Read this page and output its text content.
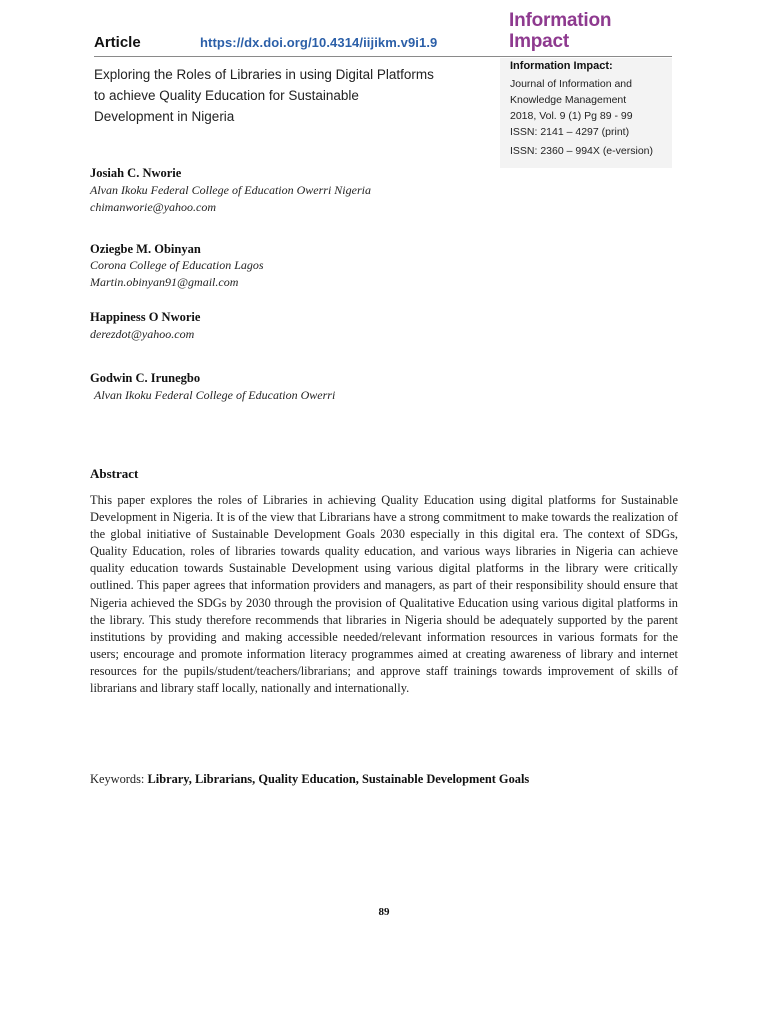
Article	https://dx.doi.org/10.4314/iijikm.v9i1.9
Information
Impact
Information Impact:
Journal of Information and
Knowledge Management
2018, Vol. 9 (1) Pg 89 - 99
ISSN: 2141 – 4297 (print)
ISSN: 2360 – 994X (e-version)
Exploring the Roles of Libraries in using Digital Platforms
to achieve Quality Education for Sustainable
Development in Nigeria
Josiah C. Nworie
Alvan Ikoku Federal College of Education Owerri Nigeria
chimanworie@yahoo.com
Oziegbe M. Obinyan
Corona College of Education Lagos
Martin.obinyan91@gmail.com
Happiness O Nworie
derezdot@yahoo.com
Godwin C. Irunegbo
Alvan Ikoku Federal College of Education Owerri
Abstract
This paper explores the roles of Libraries in achieving Quality Education using digital platforms for Sustainable Development in Nigeria. It is of the view that Librarians have a strong commitment to make towards the realization of the global initiative of Sustainable Development Goals 2030 especially in this digital era. The context of SDGs, Quality Education, roles of libraries towards quality education, and various ways libraries in Nigeria can achieve quality education towards Sustainable Development using various digital platforms in the library were critically outlined. This paper agrees that information providers and managers, as part of their responsibility should ensure that Nigeria achieved the SDGs by 2030 through the provision of Qualitative Education using various digital platforms in the library. This study therefore recommends that libraries in Nigeria should be adequately supported by the parent institutions by providing and making accessible needed/relevant information resources in various formats for the users; encourage and promote information literacy programmes aimed at creating awareness of library and internet resources for the pupils/student/teachers/librarians; and approve staff trainings towards improvement of skills of librarians and library staff locally, nationally and internationally.
Keywords: Library, Librarians, Quality Education, Sustainable Development Goals
89
